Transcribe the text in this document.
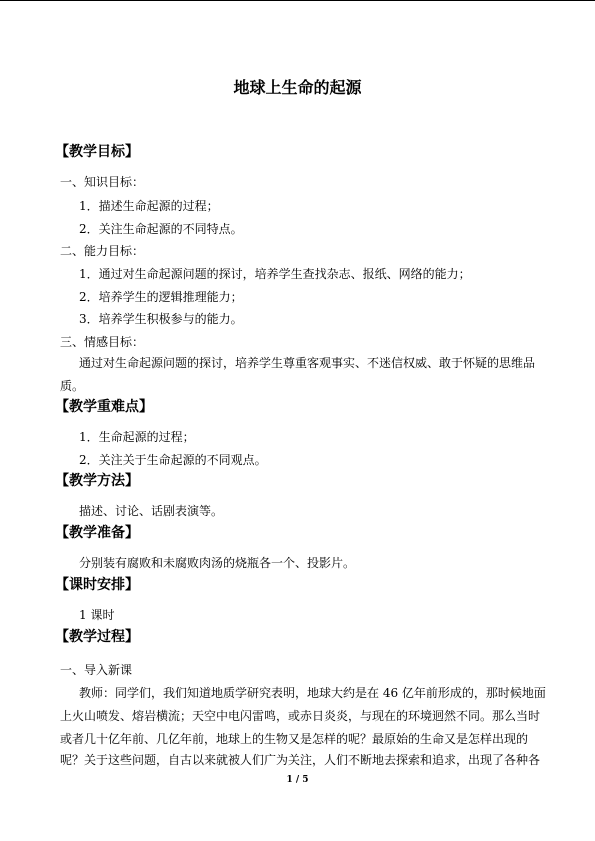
地球上生命的起源
【教学目标】
一、知识目标：
1．描述生命起源的过程；
2．关注生命起源的不同特点。
二、能力目标：
1．通过对生命起源问题的探讨，培养学生查找杂志、报纸、网络的能力；
2．培养学生的逻辑推理能力；
3．培养学生积极参与的能力。
三、情感目标：
通过对生命起源问题的探讨，培养学生尊重客观事实、不迷信权威、敢于怀疑的思维品
质。
【教学重难点】
1．生命起源的过程；
2．关注关于生命起源的不同观点。
【教学方法】
描述、讨论、话剧表演等。
【教学准备】
分别装有腐败和未腐败肉汤的烧瓶各一个、投影片。
【课时安排】
1 课时
【教学过程】
一、导入新课
教师：同学们，我们知道地质学研究表明，地球大约是在 46 亿年前形成的，那时候地面
上火山喷发、熔岩横流；天空中电闪雷鸣，或赤日炎炎，与现在的环境迥然不同。那么当时
或者几十亿年前、几亿年前，地球上的生物又是怎样的呢？最原始的生命又是怎样出现的
呢？关于这些问题，自古以来就被人们广为关注，人们不断地去探索和追求，出现了各种各
1 / 5
